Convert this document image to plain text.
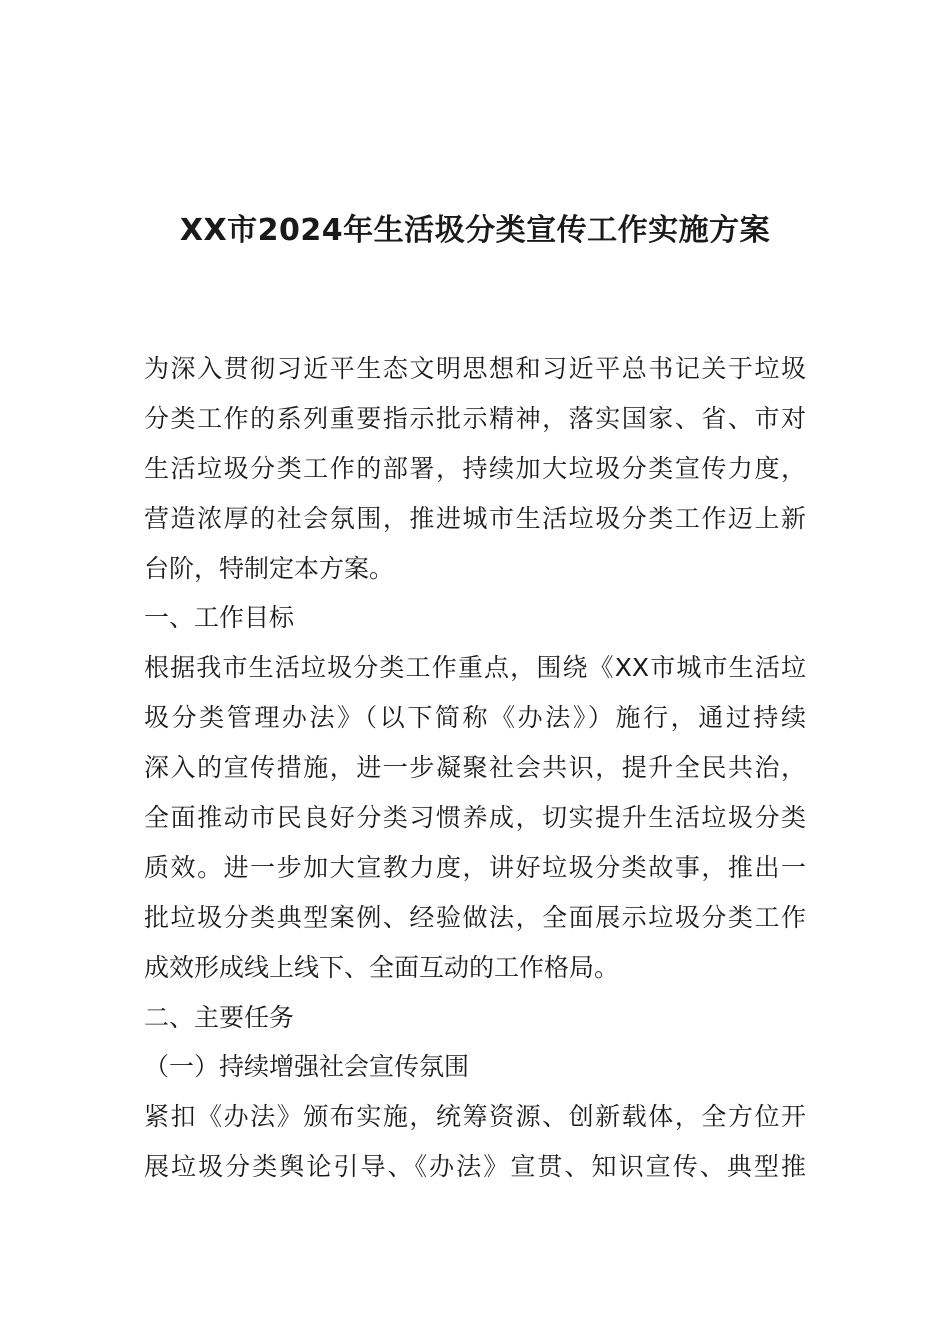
XX市2024年生活圾分类宣传工作实施方案
为深入贯彻习近平生态文明思想和习近平总书记关于垃圾
分类工作的系列重要指示批示精神，落实国家、省、市对
生活垃圾分类工作的部署，持续加大垃圾分类宣传力度，
营造浓厚的社会氛围，推进城市生活垃圾分类工作迈上新
台阶，特制定本方案。
一、工作目标
根据我市生活垃圾分类工作重点，围绕《XX市城市生活垃
圾分类管理办法》（以下简称《办法》）施行，通过持续
深入的宣传措施，进一步凝聚社会共识，提升全民共治，
全面推动市民良好分类习惯养成，切实提升生活垃圾分类
质效。进一步加大宣教力度，讲好垃圾分类故事，推出一
批垃圾分类典型案例、经验做法，全面展示垃圾分类工作
成效形成线上线下、全面互动的工作格局。
二、主要任务
（一）持续增强社会宣传氛围
紧扣《办法》颁布实施，统筹资源、创新载体，全方位开
展垃圾分类舆论引导、《办法》宣贯、知识宣传、典型推
